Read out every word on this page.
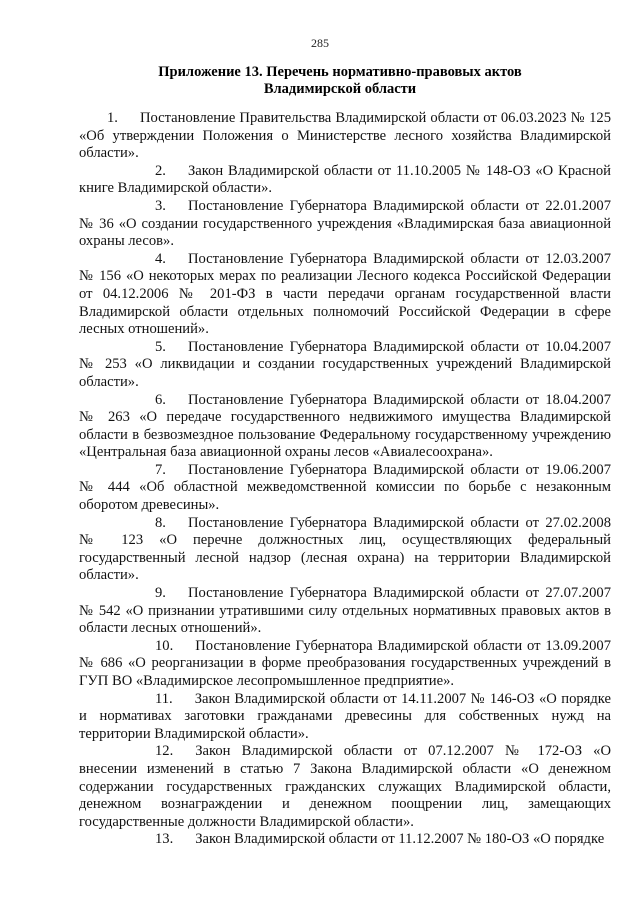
285
Приложение 13. Перечень нормативно-правовых актов
Владимирской области

1. Постановление Правительства Владимирской области от 06.03.2023 № 125 «Об утверждении Положения о Министерстве лесного хозяйства Владимирской области».

2. Закон Владимирской области от 11.10.2005 № 148-ОЗ «О Красной книге Владимирской области».

3. Постановление Губернатора Владимирской области от 22.01.2007 № 36 «О создании государственного учреждения «Владимирская база авиационной охраны лесов».

4. Постановление Губернатора Владимирской области от 12.03.2007 № 156 «О некоторых мерах по реализации Лесного кодекса Российской Федерации от 04.12.2006 № 201-ФЗ в части передачи органам государственной власти Владимирской области отдельных полномочий Российской Федерации в сфере лесных отношений».

5. Постановление Губернатора Владимирской области от 10.04.2007 № 253 «О ликвидации и создании государственных учреждений Владимирской области».

6. Постановление Губернатора Владимирской области от 18.04.2007 № 263 «О передаче государственного недвижимого имущества Владимирской области в безвозмездное пользование Федеральному государственному учреждению «Центральная база авиационной охраны лесов «Авиалесоохрана».

7. Постановление Губернатора Владимирской области от 19.06.2007 № 444 «Об областной межведомственной комиссии по борьбе с незаконным оборотом древесины».

8. Постановление Губернатора Владимирской области от 27.02.2008 № 123 «О перечне должностных лиц, осуществляющих федеральный государственный лесной надзор (лесная охрана) на территории Владимирской области».

9. Постановление Губернатора Владимирской области от 27.07.2007 № 542 «О признании утратившими силу отдельных нормативных правовых актов в области лесных отношений».

10. Постановление Губернатора Владимирской области от 13.09.2007 № 686 «О реорганизации в форме преобразования государственных учреждений в ГУП ВО «Владимирское лесопромышленное предприятие».

11. Закон Владимирской области от 14.11.2007 № 146-ОЗ «О порядке и нормативах заготовки гражданами древесины для собственных нужд на территории Владимирской области».

12. Закон Владимирской области от 07.12.2007 № 172-ОЗ «О внесении изменений в статью 7 Закона Владимирской области «О денежном содержании государственных гражданских служащих Владимирской области, денежном вознаграждении и денежном поощрении лиц, замещающих государственные должности Владимирской области».

13. Закон Владимирской области от 11.12.2007 № 180-ОЗ «О порядке
